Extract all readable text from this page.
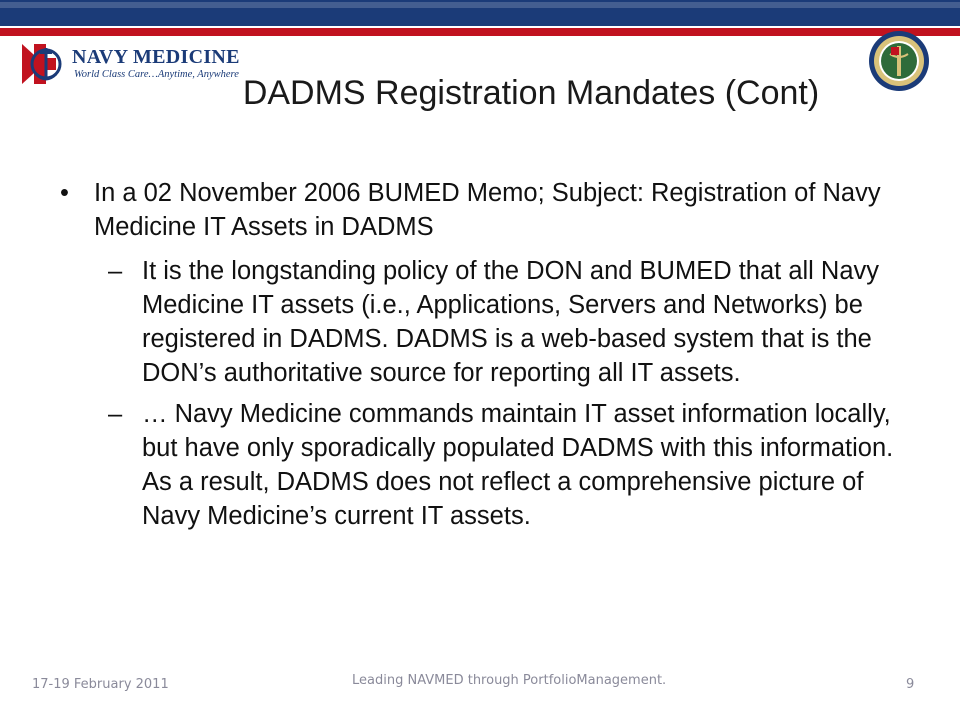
NAVY MEDICINE
World Class Care…Anytime, Anywhere DADMS Registration Mandates (Cont)
• In a 02 November 2006 BUMED Memo; Subject: Registration of Navy Medicine IT Assets in DADMS
– It is the longstanding policy of the DON and BUMED that all Navy Medicine IT assets (i.e., Applications, Servers and Networks) be registered in DADMS. DADMS is a web-based system that is the DON’s authoritative source for reporting all IT assets.
– … Navy Medicine commands maintain IT asset information locally, but have only sporadically populated DADMS with this information. As a result, DADMS does not reflect a comprehensive picture of Navy Medicine’s current IT assets.
17-19 February 2011	Leading NAVMED through PortfolioManagement.	9
